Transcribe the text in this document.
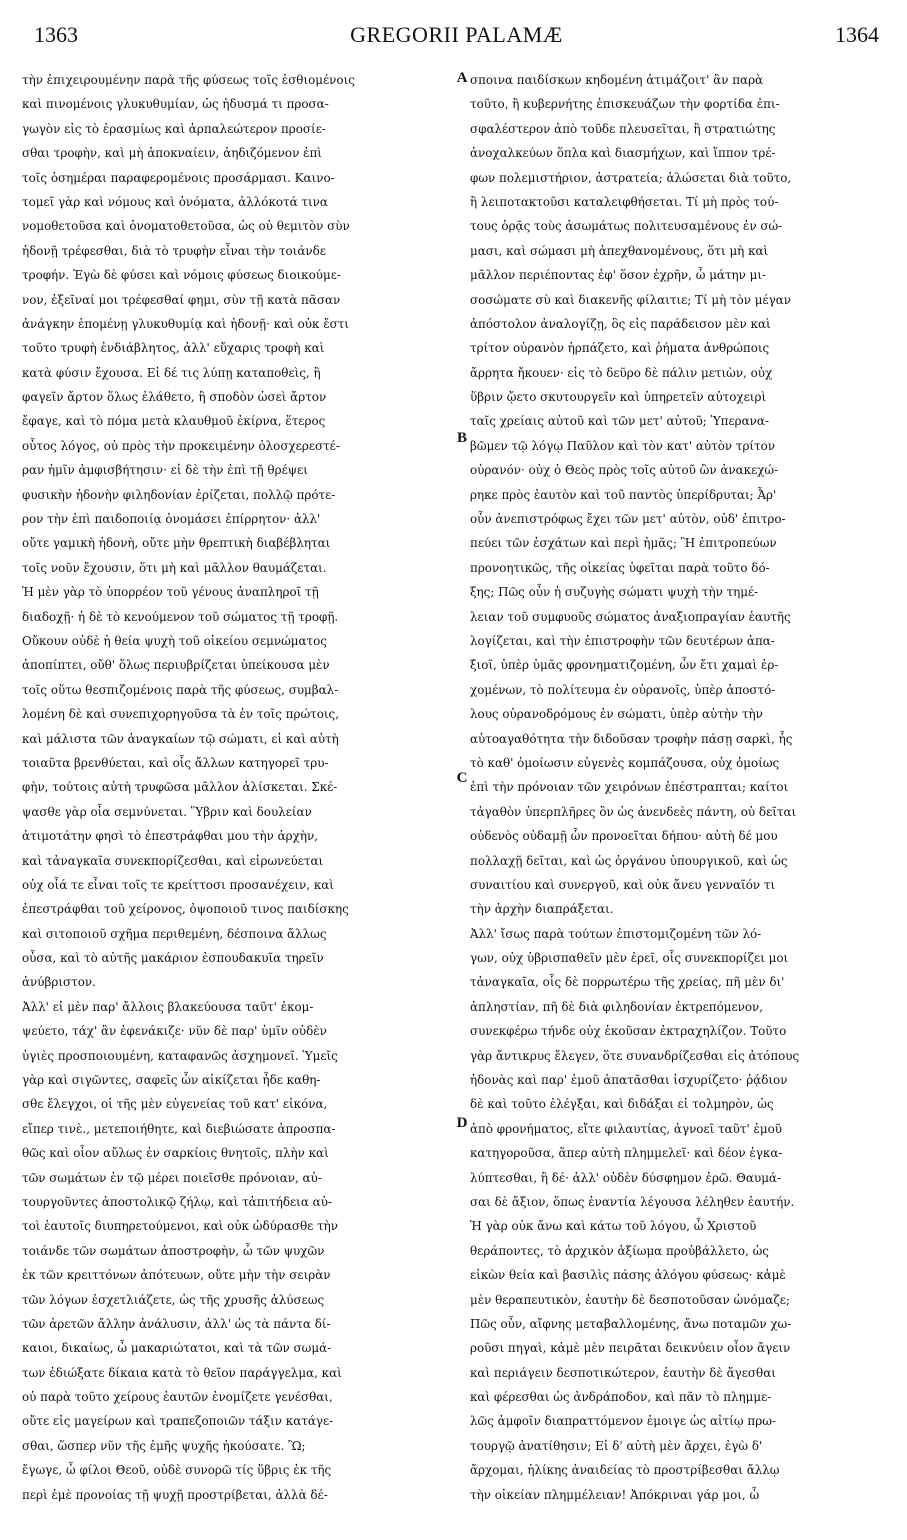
1363	GREGORII PALAMÆ	1364
τὴν ἐπιχειρουμένην παρὰ τῆς φύσεως τοῖς ἐσθιομένοις
καὶ πινομένοις γλυκυθυμίαν, ὡς ἡδυσμά τι προσα-
γωγὸν εἰς τὸ ἐρασμίως καὶ ἁρπαλεώτερον προσίε-
σθαι τροφὴν, καὶ μὴ ἀποκναίειν, ἀηδιζόμενον ἐπὶ
τοῖς ὁσημέραι παραφερομένοις προσάρμασι. Καινο-
τομεῖ γὰρ καὶ νόμους καὶ ὀνόματα, ἀλλόκοτά τινα
νομοθετοῦσα καὶ ὀνοματοθετοῦσα, ὡς οὐ θεμιτὸν σὺν
ἡδονῇ τρέφεσθαι, διὰ τὸ τρυφὴν εἶναι τὴν τοιάνδε
τροφήν. Ἐγὼ δὲ φύσει καὶ νόμοις φύσεως διοικούμε-
νον, ἐξεῖναί μοι τρέφεσθαί φημι, σὺν τῇ κατὰ πᾶσαν
ἀνάγκην ἑπομένῃ γλυκυθυμίᾳ καὶ ἡδονῇ· καὶ οὐκ ἔστι
τοῦτο τρυφὴ ἐνδιάβλητος, ἀλλ' εὔχαρις τροφὴ καὶ
κατὰ φύσιν ἔχουσα. Εἰ δέ τις λύπῃ καταποθεὶς, ἢ
φαγεῖν ἄρτον ὅλως ἐλάθετο, ἢ σποδὸν ὡσεὶ ἄρτον
ἔφαγε, καὶ τὸ πόμα μετὰ κλαυθμοῦ ἐκίρνα, ἕτερος
οὗτος λόγος, οὐ πρὸς τὴν προκειμένην ὀλοσχερεστέ-
ραν ἡμῖν ἀμφισβήτησιν· εἰ δὲ τὴν ἐπὶ τῇ θρέψει
φυσικὴν ἡδονὴν φιληδονίαν ἐρίζεται, πολλῷ πρότε-
ρον τὴν ἐπὶ παιδοποιίᾳ ὀνομάσει ἐπίρρητον· ἀλλ'
οὔτε γαμικὴ ἡδονὴ, οὔτε μὴν θρεπτικὴ διαβέβληται
τοῖς νοῦν ἔχουσιν, ὅτι μὴ καὶ μᾶλλον θαυμάζεται.
Ἡ μὲν γὰρ τὸ ὑπορρέον τοῦ γένους ἀναπληροῖ τῇ
διαδοχῇ· ἡ δὲ τὸ κενούμενον τοῦ σώματος τῇ τροφῇ.
Οὔκουν οὐδὲ ἡ θεία ψυχὴ τοῦ οἰκείου σεμνώματος
ἀποπίπτει, οὔθ' ὅλως περιυβρίζεται ὑπείκουσα μὲν
τοῖς οὕτω θεσπιζομένοις παρὰ τῆς φύσεως, συμβαλ-
λομένη δὲ καὶ συνεπιχορηγοῦσα τὰ ἐν τοῖς πρώτοις,
καὶ μάλιστα τῶν ἀναγκαίων τῷ σώματι, εἰ καὶ αὐτὴ
τοιαῦτα βρενθύεται, καὶ οἷς ἄλλων κατηγορεῖ τρυ-
φὴν, τούτοις αὐτὴ τρυφῶσα μᾶλλον ἁλίσκεται. Σκέ-
ψασθε γὰρ οἷα σεμνύνεται. Ὕβριν καὶ δουλείαν
ἀτιμοτάτην φησὶ τὸ ἐπεστράφθαι μου τὴν ἀρχὴν,
καὶ τἀναγκαῖα συνεκπορίζεσθαι, καὶ εἰρωνεύεται
οὐχ οἷά τε εἶναι τοῖς τε κρείττοσι προσανέχειν, καὶ
ἐπεστράφθαι τοῦ χείρονος, ὀψοποιοῦ τινος παιδίσκης
καὶ σιτοποιοῦ σχῆμα περιθεμένη, δέσποινα ἄλλως
οὖσα, καὶ τὸ αὐτῆς μακάριον ἐσπουδακυῖα τηρεῖν
ἀνύβριστον.
Ἀλλ' εἰ μὲν παρ' ἄλλοις βλακεύουσα ταῦτ' ἐκομ-
ψεύετο, τάχ' ἂν ἐφενάκιζε· νῦν δὲ παρ' ὑμῖν οὐδὲν
ὑγιὲς προσποιουμένη, καταφανῶς ἀσχημονεῖ. Ὑμεῖς
γὰρ καὶ σιγῶντες, σαφεῖς ὧν αἰκίζεται ἦδε καθη-
σθε ἔλεγχοι, οἱ τῆς μὲν εὐγενείας τοῦ κατ' εἰκόνα,
εἴπερ τινὲ., μετεποιήθητε, καὶ διεβιώσατε ἀπροσπα-
θῶς καὶ οἷον αὔλως ἐν σαρκίοις θνητοῖς, πλὴν καὶ
τῶν σωμάτων ἐν τῷ μέρει ποιεῖσθε πρόνοιαν, αὐ-
τουργοῦντες ἀποστολικῷ ζήλῳ, καὶ τἀπιτήδεια αὐ-
τοὶ ἑαυτοῖς διυπηρετούμενοι, καὶ οὐκ ὠδύρασθε τὴν
τοιάνδε τῶν σωμάτων ἀποστροφὴν, ὦ τῶν ψυχῶν
ἐκ τῶν κρειττόνων ἀπότευων, οὔτε μὴν τὴν σειρὰν
τῶν λόγων ἐσχετλιάζετε, ὡς τῆς χρυσῆς ἁλύσεως
τῶν ἀρετῶν ἄλλην ἀνάλυσιν, ἀλλ' ὡς τὰ πάντα δί-
καιοι, δικαίως, ὦ μακαριώτατοι, καὶ τὰ τῶν σωμά-
των ἐδιώξατε δίκαια κατὰ τὸ θεῖον παράγγελμα, καὶ
οὐ παρὰ τοῦτο χείρους ἑαυτῶν ἐνομίζετε γενέσθαι,
οὔτε εἰς μαγείρων καὶ τραπεζοποιῶν τάξιν κατάγε-
σθαι, ὥσπερ νῦν τῆς ἐμῆς ψυχῆς ἠκούσατε. Ὢ;
ἔγωγε, ὦ φίλοι Θεοῦ, οὐδὲ συνορῶ τίς ὕβρις ἐκ τῆς
περὶ ἐμὲ προνοίας τῇ ψυχῇ προστρίβεται, ἀλλὰ δέ-
σποινα παιδίσκων κηδομένη ἀτιμάζοιτ' ἂν παρὰ
τοῦτο, ἢ κυβερνήτης ἐπισκευάζων τὴν φορτίδα ἐπι-
σφαλέστερον ἀπὸ τοῦδε πλευσεῖται, ἢ στρατιώτης
ἀνοχαλκεύων ὅπλα καὶ διασμήχων, καὶ ἵππον τρέ-
φων πολεμιστήριον, ἀστρατεία; ἁλώσεται διὰ τοῦτο,
ἢ λειποτακτοῦσι καταλειφθήσεται. Τί μὴ πρὸς τού-
τους ὁρᾷς τοὺς ἀσωμάτως πολιτευσαμένους ἐν σώ-
μασι, καὶ σώμασι μὴ ἀπεχθανομένους, ὅτι μὴ καὶ
μᾶλλον περιέποντας ἐφ' ὅσον ἐχρῆν, ὦ μάτην μι-
σοσώματε σὺ καὶ διακενῆς φίλαιτιε; Τί μὴ τὸν μέγαν
ἀπόστολον ἀναλογίζῃ, ὃς εἰς παράδεισον μὲν καὶ
τρίτον οὐρανὸν ἡρπάζετο, καὶ ῥήματα ἀνθρώποις
ἄρρητα ἤκουεν· εἰς τὸ δεῦρο δὲ πάλιν μετιὼν, οὐχ
ὕβριν ᾤετο σκυτουργεῖν καὶ ὑπηρετεῖν αὐτοχειρὶ
ταῖς χρείαις αὐτοῦ καὶ τῶν μετ' αὐτοῦ; Ὑπερανα-
βῶμεν τῷ λόγῳ Παῦλον καὶ τὸν κατ' αὐτὸν τρίτον
οὐρανόν· οὐχ ὁ Θεὸς πρὸς τοῖς αὐτοῦ ὢν ἀνακεχώ-
ρηκε πρὸς ἑαυτὸν καὶ τοῦ παντὸς ὑπερίδρυται; Ἆρ'
οὖν ἀνεπιστρόφως ἔχει τῶν μετ' αὐτὸν, οὐδ' ἐπιτρο-
πεύει τῶν ἐσχάτων καὶ περὶ ἡμᾶς; Ἢ ἐπιτροπεύων
προνοητικῶς, τῆς οἰκείας ὑφεῖται παρὰ τοῦτο δό-
ξης; Πῶς οὖν ἡ συζυγὴς σώματι ψυχὴ τὴν τημέ-
λειαν τοῦ συμφυοῦς σώματος ἀναξιοπραγίαν ἑαυτῆς
λογίζεται, καὶ τὴν ἐπιστροφὴν τῶν δευτέρων ἀπα-
ξιοῖ, ὑπὲρ ὑμᾶς φρονηματιζομένη, ὧν ἔτι χαμαὶ ἐρ-
χομένων, τὸ πολίτευμα ἐν οὐρανοῖς, ὑπὲρ ἀποστό-
λους οὐρανοδρόμους ἐν σώματι, ὑπὲρ αὐτὴν τὴν
αὐτοαγαθότητα τὴν διδοῦσαν τροφὴν πάσῃ σαρκὶ, ἧς
τὸ καθ' ὁμοίωσιν εὐγενὲς κομπάζουσα, οὐχ ὁμοίως
ἐπὶ τὴν πρόνοιαν τῶν χειρόνων ἐπέστραπται; καίτοι
τἀγαθὸν ὑπερπλῆρες ὂν ὡς ἀνενδεὲς πάντη, οὐ δεῖται
οὐδενὸς οὐδαμῇ ὧν προνοεῖται δήπου· αὐτὴ δέ μου
πολλαχῇ δεῖται, καὶ ὡς ὀργάνου ὑπουργικοῦ, καὶ ὡς
συναιτίου καὶ συνεργοῦ, καὶ οὐκ ἄνευ γενναῖόν τι
τὴν ἀρχὴν διαπράξεται.
Ἀλλ' ἴσως παρὰ τούτων ἐπιστομιζομένη τῶν λό-
γων, οὐχ ὑβρισπαθεῖν μὲν ἐρεῖ, οἷς συνεκπορίζει μοι
τἀναγκαῖα, οἷς δὲ πορρωτέρω τῆς χρείας, πῆ μὲν δι'
ἀπληστίαν, πῆ δὲ διὰ φιληδονίαν ἐκτρεπόμενον,
συνεκφέρω τήνδε οὐχ ἑκοῦσαν ἐκτραχηλίζον. Τοῦτο
γὰρ ἄντικρυς ἔλεγεν, ὅτε συνανδρίζεσθαι εἰς ἀτόπους
ἡδονὰς καὶ παρ' ἐμοῦ ἀπατᾶσθαι ἰσχυρίζετο· ῥᾴδιον
δὲ καὶ τοῦτο ἐλέγξαι, καὶ διδάξαι εἰ τολμηρὸν, ὡς
ἀπὸ φρονήματος, εἴτε φιλαυτίας, ἀγνοεῖ ταῦτ' ἐμοῦ
κατηγοροῦσα, ἅπερ αὐτὴ πλημμελεῖ· καὶ δέον ἐγκα-
λύπτεσθαι, ἢ δέ· ἀλλ' οὐδὲν δύσφημον ἐρῶ. Θαυμά-
σαι δὲ ἄξιον, ὅπως ἐναντία λέγουσα λέληθεν ἑαυτήν.
Ἡ γὰρ οὐκ ἄνω καὶ κάτω τοῦ λόγου, ὦ Χριστοῦ
θεράποντες, τὸ ἀρχικὸν ἀξίωμα προὐβάλλετο, ὡς
εἰκὼν θεία καὶ βασιλὶς πάσης ἀλόγου φύσεως· κἀμὲ
μὲν θεραπευτικὸν, ἑαυτὴν δὲ δεσποτοῦσαν ὠνόμαζε;
Πῶς οὖν, αἴφνης μεταβαλλομένης, ἄνω ποταμῶν χω-
ροῦσι πηγαὶ, κἀμὲ μὲν πειρᾶται δεικνύειν οἷον ἄγειν
καὶ περιάγειν δεσποτικώτερον, ἑαυτὴν δὲ ἄγεσθαι
καὶ φέρεσθαι ὡς ἀνδράποδον, καὶ πᾶν τὸ πλημμε-
λῶς ἀμφοῖν διαπραττόμενον ἐμοιγε ὡς αἰτίῳ πρω-
τουργῷ ἀνατίθησιν; Εἰ δ' αὐτὴ μὲν ἄρχει, ἐγὼ δ'
ἄρχομαι, ἡλίκης ἀναιδείας τὸ προστρίβεσθαι ἄλλῳ
τὴν οἰκείαν πλημμέλειαν! Ἀπόκριναι γάρ μοι, ὦ
A
B
C
D
